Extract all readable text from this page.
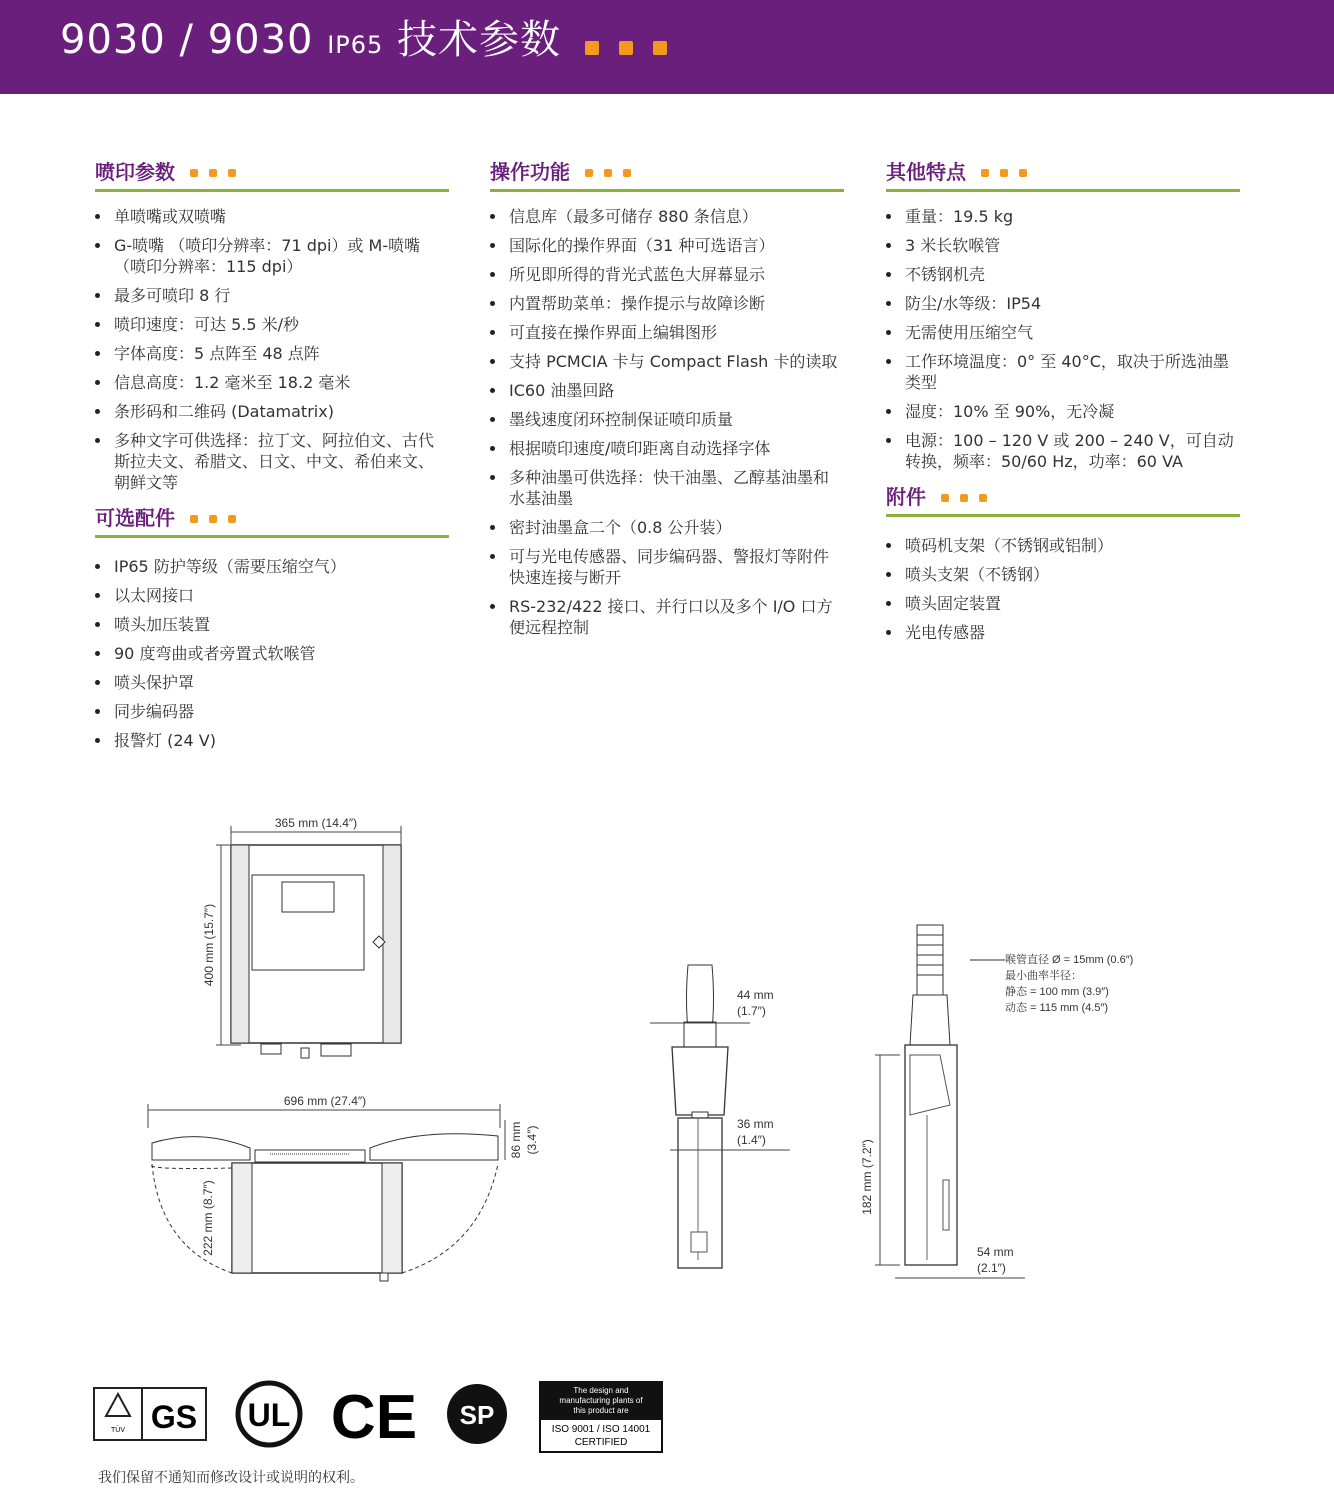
9030 / 9030 IP65 技术参数
喷印参数
单喷嘴或双喷嘴
G-喷嘴 （喷印分辨率：71 dpi）或 M-喷嘴 （喷印分辨率：115 dpi）
最多可喷印 8 行
喷印速度：可达 5.5 米/秒
字体高度：5 点阵至 48 点阵
信息高度：1.2 毫米至 18.2 毫米
条形码和二维码 (Datamatrix)
多种文字可供选择：拉丁文、阿拉伯文、古代斯拉夫文、希腊文、日文、中文、希伯来文、朝鲜文等
可选配件
IP65 防护等级（需要压缩空气）
以太网接口
喷头加压装置
90 度弯曲或者旁置式软喉管
喷头保护罩
同步编码器
报警灯 (24 V)
操作功能
信息库（最多可储存 880 条信息）
国际化的操作界面（31 种可选语言）
所见即所得的背光式蓝色大屏幕显示
内置帮助菜单：操作提示与故障诊断
可直接在操作界面上编辑图形
支持 PCMCIA 卡与 Compact Flash 卡的读取
IC60 油墨回路
墨线速度闭环控制保证喷印质量
根据喷印速度/喷印距离自动选择字体
多种油墨可供选择：快干油墨、乙醇基油墨和水基油墨
密封油墨盒二个（0.8 公升装）
可与光电传感器、同步编码器、警报灯等附件快速连接与断开
RS-232/422 接口、并行口以及多个 I/O 口方便远程控制
其他特点
重量：19.5 kg
3 米长软喉管
不锈钢机壳
防尘/水等级：IP54
无需使用压缩空气
工作环境温度：0° 至 40°C，取决于所选油墨类型
湿度：10% 至 90%，无冷凝
电源：100 – 120 V 或 200 – 240 V，可自动转换，频率：50/60 Hz，功率：60 VA
附件
喷码机支架（不锈钢或铝制）
喷头支架（不锈钢）
喷头固定装置
光电传感器
365 mm (14.4″)
400 mm (15.7″)
696 mm (27.4″)
86 mm (3.4″)
222 mm (8.7″)
44 mm
(1.7″)
36 mm
(1.4″)
喉管直径 Ø = 15mm (0.6″)
最小曲率半径：
静态 = 100 mm (3.9″)
动态 = 115 mm (4.5″)
182 mm (7.2″)
54 mm
(2.1″)
TÜV GS UL CE SP
The design and
manufacturing plants of
this product are
ISO 9001 / ISO 14001
CERTIFIED
我们保留不通知而修改设计或说明的权利。
